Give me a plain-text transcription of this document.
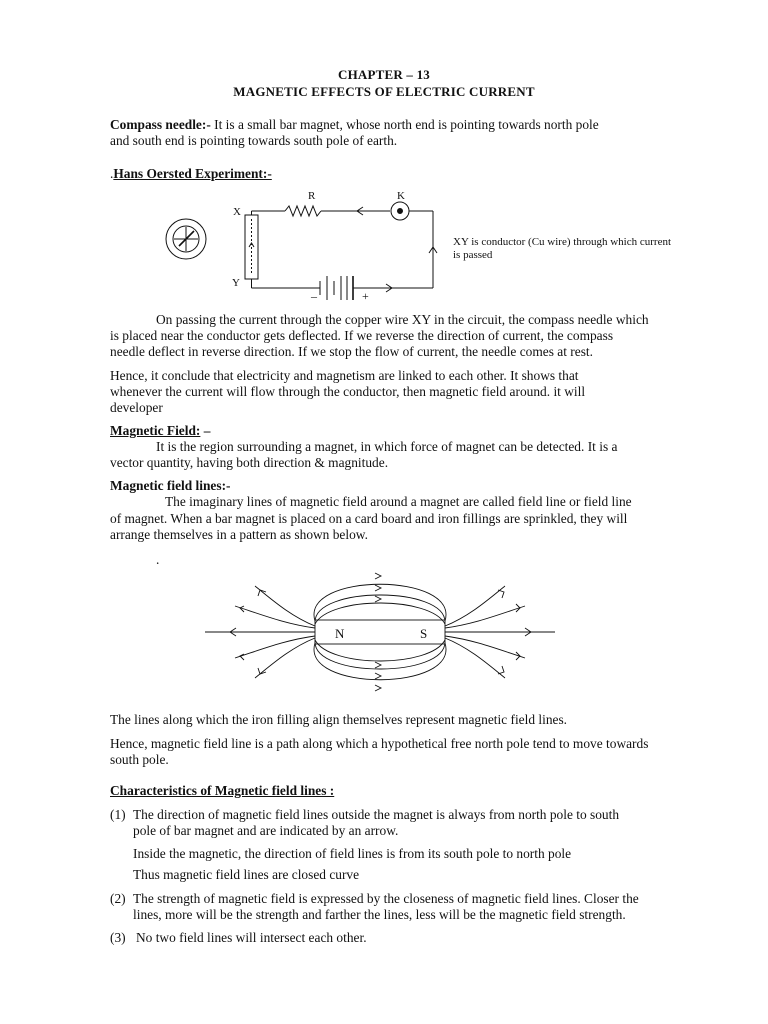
CHAPTER – 13
MAGNETIC EFFECTS OF ELECTRIC CURRENT
Compass needle:- It is a small bar magnet, whose north end is pointing towards north pole
and south end is pointing towards south pole of earth.
.Hans Oersted Experiment:-
R	K
X
Y
–	+
XY is conductor (Cu wire) through which current
is passed
On passing the current through the copper wire XY in the circuit, the compass needle which
is placed near the conductor gets deflected. If we reverse the direction of current, the compass
needle deflect in reverse direction. If we stop the flow of current, the needle comes at rest.
Hence, it conclude that electricity and magnetism are linked to each other. It shows that
whenever the current will flow through the conductor, then magnetic field around. it will
developer
Magnetic Field: –
It is the region surrounding a magnet, in which force of magnet can be detected. It is a
vector quantity, having both direction & magnitude.
Magnetic field lines:-
The imaginary lines of magnetic field around a magnet are called field line or field line
of magnet. When a bar magnet is placed on a card board and iron fillings are sprinkled, they will
arrange themselves in a pattern as shown below.
.
N	S
The lines along which the iron filling align themselves represent magnetic field lines.
Hence, magnetic field line is a path along which a hypothetical free north pole tend to move towards
south pole.
Characteristics of Magnetic field lines :
(1) The direction of magnetic field lines outside the magnet is always from north pole to south
pole of bar magnet and are indicated by an arrow.
Inside the magnetic, the direction of field lines is from its south pole to north pole
Thus magnetic field lines are closed curve
(2) The strength of magnetic field is expressed by the closeness of magnetic field lines. Closer the
lines, more will be the strength and farther the lines, less will be the magnetic field strength.
(3) No two field lines will intersect each other.
